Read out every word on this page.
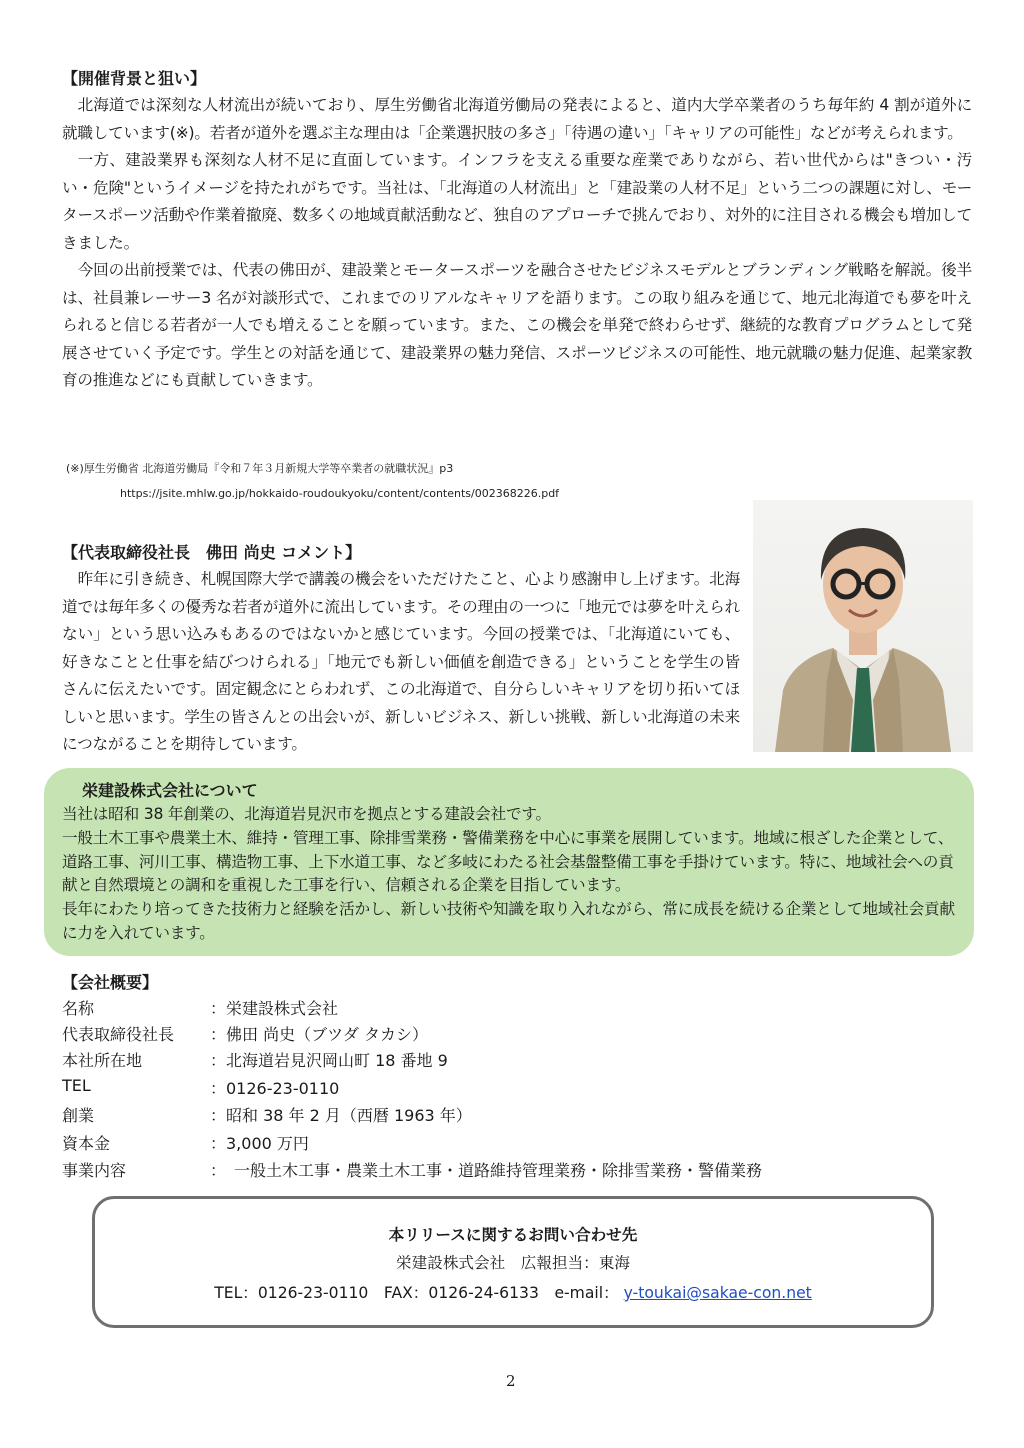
【開催背景と狙い】

北海道では深刻な人材流出が続いており、厚生労働省北海道労働局の発表によると、道内大学卒業者のうち毎年約 4 割が道外に就職しています(※)。若者が道外を選ぶ主な理由は「企業選択肢の多さ」「待遇の違い」「キャリアの可能性」などが考えられます。

一方、建設業界も深刻な人材不足に直面しています。インフラを支える重要な産業でありながら、若い世代からは"きつい・汚い・危険"というイメージを持たれがちです。当社は、「北海道の人材流出」と「建設業の人材不足」という二つの課題に対し、モータースポーツ活動や作業着撤廃、数多くの地域貢献活動など、独自のアプローチで挑んでおり、対外的に注目される機会も増加してきました。

今回の出前授業では、代表の佛田が、建設業とモータースポーツを融合させたビジネスモデルとブランディング戦略を解説。後半は、社員兼レーサー3 名が対談形式で、これまでのリアルなキャリアを語ります。この取り組みを通じて、地元北海道でも夢を叶えられると信じる若者が一人でも増えることを願っています。また、この機会を単発で終わらせず、継続的な教育プログラムとして発展させていく予定です。学生との対話を通じて、建設業界の魅力発信、スポーツビジネスの可能性、地元就職の魅力促進、起業家教育の推進などにも貢献していきます。

(※)厚生労働省 北海道労働局『令和７年３月新規大学等卒業者の就職状況』p3
https://jsite.mhlw.go.jp/hokkaido-roudoukyoku/content/contents/002368226.pdf
【代表取締役社長　佛田 尚史 コメント】

昨年に引き続き、札幌国際大学で講義の機会をいただけたこと、心より感謝申し上げます。北海道では毎年多くの優秀な若者が道外に流出しています。その理由の一つに「地元では夢を叶えられない」という思い込みもあるのではないかと感じています。今回の授業では、「北海道にいても、好きなことと仕事を結びつけられる」「地元でも新しい価値を創造できる」ということを学生の皆さんに伝えたいです。固定観念にとらわれず、この北海道で、自分らしいキャリアを切り拓いてほしいと思います。学生の皆さんとの出会いが、新しいビジネス、新しい挑戦、新しい北海道の未来につながることを期待しています。

栄建設株式会社について
当社は昭和 38 年創業の、北海道岩見沢市を拠点とする建設会社です。
一般土木工事や農業土木、維持・管理工事、除排雪業務・警備業務を中心に事業を展開しています。地域に根ざした企業として、道路工事、河川工事、構造物工事、上下水道工事、など多岐にわたる社会基盤整備工事を手掛けています。特に、地域社会への貢献と自然環境との調和を重視した工事を行い、信頼される企業を目指しています。
長年にわたり培ってきた技術力と経験を活かし、新しい技術や知識を取り入れながら、常に成長を続ける企業として地域社会貢献に力を入れています。
【会社概要】
名称	：栄建設株式会社
代表取締役社長 ：佛田 尚史（ブツダ タカシ）
本社所在地	：北海道岩見沢岡山町 18 番地 9
TEL	：0126-23-0110
創業	：昭和 38 年 2 月（西暦 1963 年）
資本金	：3,000 万円
事業内容	：　一般土木工事・農業土木工事・道路維持管理業務・除排雪業務・警備業務
本リリースに関するお問い合わせ先
栄建設株式会社　広報担当：東海
TEL：0126-23-0110　FAX：0126-24-6133　e-mail： y-toukai@sakae-con.net
2
